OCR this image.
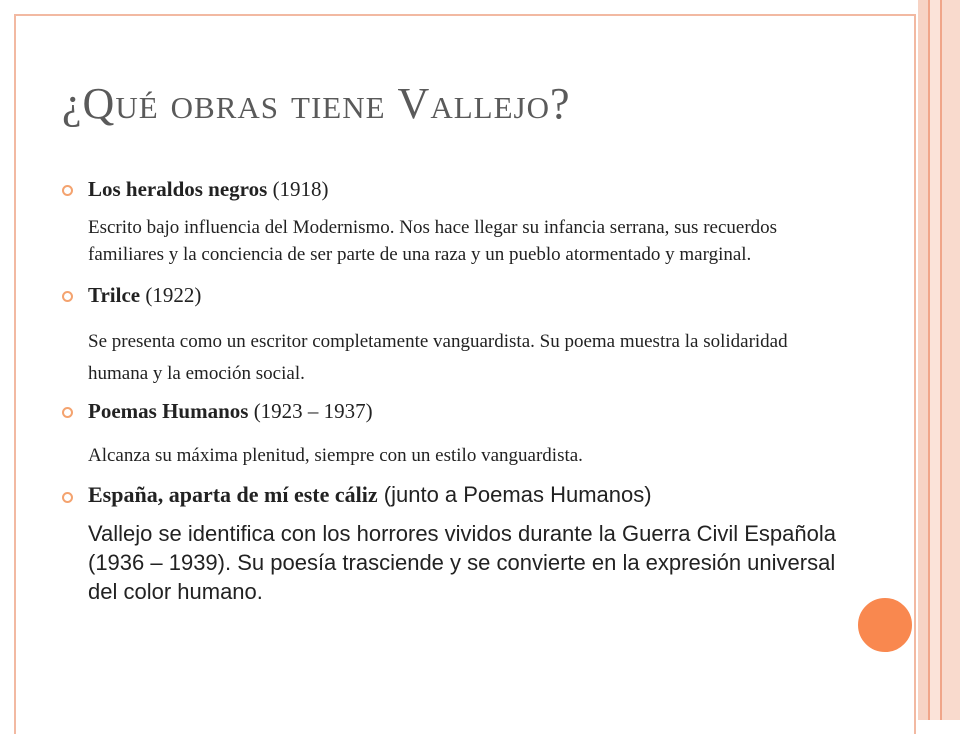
¿Qué obras tiene Vallejo?
Los heraldos negros (1918)
Escrito bajo influencia del Modernismo. Nos hace llegar su infancia serrana, sus recuerdos familiares y la conciencia de ser parte de una raza y un pueblo atormentado y marginal.
Trilce (1922)
Se presenta como un escritor completamente vanguardista. Su poema muestra la solidaridad humana y la emoción social.
Poemas Humanos (1923 – 1937)
Alcanza su máxima plenitud, siempre con un estilo vanguardista.
España, aparta de mí este cáliz (junto a Poemas Humanos)
Vallejo se identifica con los horrores vividos durante la Guerra Civil Española (1936 – 1939). Su poesía trasciende y se convierte en la expresión universal del color humano.
